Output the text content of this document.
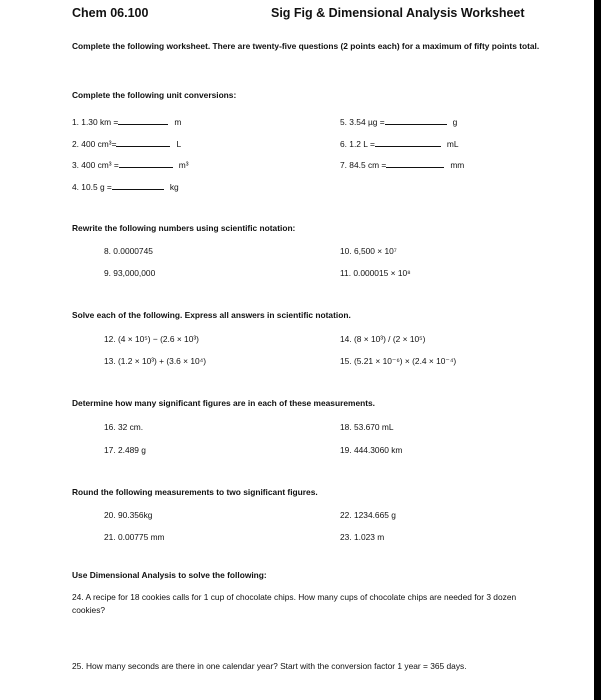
Chem 06.100	Sig Fig & Dimensional Analysis Worksheet
Complete the following worksheet. There are twenty-five questions (2 points each) for a maximum of fifty points total.
Complete the following unit conversions:
1. 1.30 km =	m
2. 400 cm³=	L
3. 400 cm³ =	m³
4. 10.5 g =	kg
5. 3.54 µg =	g
6. 1.2 L =	mL
7. 84.5 cm =	mm
Rewrite the following numbers using scientific notation:
8. 0.0000745
9. 93,000,000
10. 6,500 × 10⁷
11. 0.000015 × 10⁸
Solve each of the following. Express all answers in scientific notation.
12. (4 × 10⁵) − (2.6 × 10³)
13. (1.2 × 10³) + (3.6 × 10⁴)
14. (8 × 10³) / (2 × 10⁵)
15. (5.21 × 10⁻⁶) × (2.4 × 10⁻⁴)
Determine how many significant figures are in each of these measurements.
16. 32 cm.
17. 2.489 g
18. 53.670 mL
19. 444.3060 km
Round the following measurements to two significant figures.
20. 90.356kg
21. 0.00775 mm
22. 1234.665 g
23. 1.023 m
Use Dimensional Analysis to solve the following:
24. A recipe for 18 cookies calls for 1 cup of chocolate chips. How many cups of chocolate chips are needed for 3 dozen cookies?
25. How many seconds are there in one calendar year? Start with the conversion factor 1 year = 365 days.
